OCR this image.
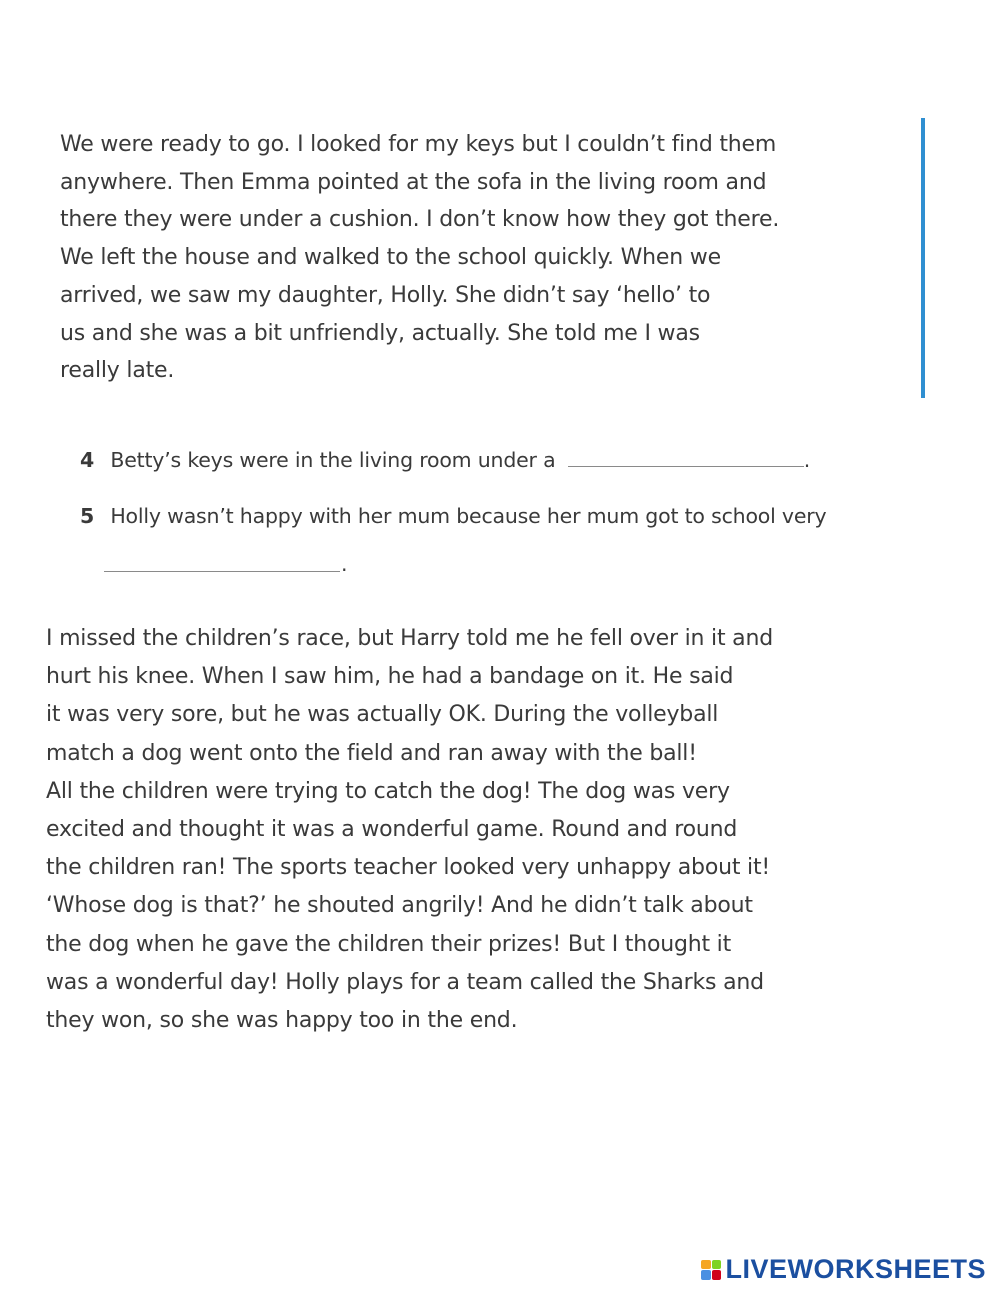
We were ready to go. I looked for my keys but I couldn’t find them
anywhere. Then Emma pointed at the sofa in the living room and
there they were under a cushion. I don’t know how they got there.
We left the house and walked to the school quickly. When we
arrived, we saw my daughter, Holly. She didn’t say ‘hello’ to
us and she was a bit unfriendly, actually. She told me I was
really late.
4 Betty’s keys were in the living room under a	.
5 Holly wasn’t happy with her mum because her mum got to school very
.
I missed the children’s race, but Harry told me he fell over in it and
hurt his knee. When I saw him, he had a bandage on it. He said
it was very sore, but he was actually OK. During the volleyball
match a dog went onto the field and ran away with the ball!
All the children were trying to catch the dog! The dog was very
excited and thought it was a wonderful game. Round and round
the children ran! The sports teacher looked very unhappy about it!
‘Whose dog is that?’ he shouted angrily! And he didn’t talk about
the dog when he gave the children their prizes! But I thought it
was a wonderful day! Holly plays for a team called the Sharks and
they won, so she was happy too in the end.
LIVEWORKSHEETS
